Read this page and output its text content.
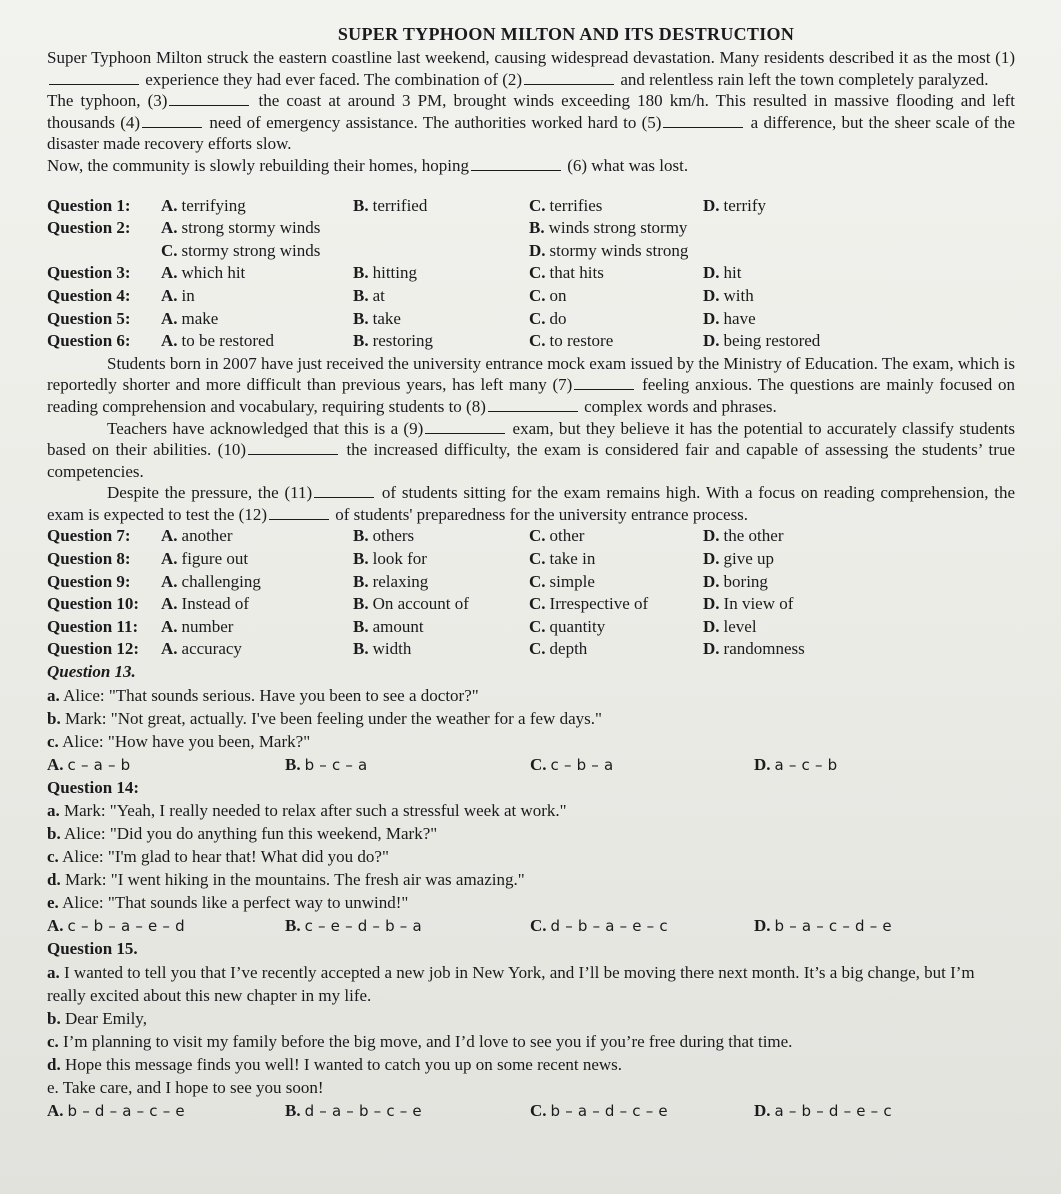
SUPER TYPHOON MILTON AND ITS DESTRUCTION

Super Typhoon Milton struck the eastern coastline last weekend, causing widespread devastation. Many residents described it as the most (1) experience they had ever faced. The combination of (2)	and relentless rain left the town completely paralyzed.

The typhoon, (3)	the coast at around 3 PM, brought winds exceeding 180 km/h. This resulted in massive flooding and left thousands (4)	need of emergency assistance. The authorities worked hard to (5)	a difference, but the sheer scale of the disaster made recovery efforts slow.

Now, the community is slowly rebuilding their homes, hoping	(6) what was lost.

Question 1:	A. terrifying	B. terrified	C. terrifies	D. terrify
Question 2:	A. strong stormy winds	B. winds strong stormy
C. stormy strong winds	D. stormy winds strong
Question 3:	A. which hit	B. hitting	C. that hits	D. hit
Question 4:	A. in	B. at	C. on	D. with
Question 5:	A. make	B. take	C. do	D. have
Question 6:	A. to be restored	B. restoring	C. to restore	D. being restored

Students born in 2007 have just received the university entrance mock exam issued by the Ministry of Education. The exam, which is reportedly shorter and more difficult than previous years, has left many (7)	feeling anxious. The questions are mainly focused on reading comprehension and vocabulary, requiring students to (8)	complex words and phrases.

Teachers have acknowledged that this is a (9)	exam, but they believe it has the potential to accurately classify students based on their abilities. (10)	the increased difficulty, the exam is considered fair and capable of assessing the students’ true competencies.

Despite the pressure, the (11)	of students sitting for the exam remains high. With a focus on reading comprehension, the exam is expected to test the (12)	of students' preparedness for the university entrance process.

Question 7:	A. another	B. others	C. other	D. the other
Question 8:	A. figure out	B. look for	C. take in	D. give up
Question 9:	A. challenging	B. relaxing	C. simple	D. boring
Question 10:	A. Instead of	B. On account of	C. Irrespective of	D. In view of
Question 11:	A. number	B. amount	C. quantity	D. level
Question 12:	A. accuracy	B. width	C. depth	D. randomness
Question 13.
a. Alice: "That sounds serious. Have you been to see a doctor?"
b. Mark: "Not great, actually. I've been feeling under the weather for a few days."
c. Alice: "How have you been, Mark?"
A. c – a – b	B. b – c – a	C. c – b – a	D. a – c – b
Question 14:
a. Mark: "Yeah, I really needed to relax after such a stressful week at work."
b. Alice: "Did you do anything fun this weekend, Mark?"
c. Alice: "I'm glad to hear that! What did you do?"
d. Mark: "I went hiking in the mountains. The fresh air was amazing."
e. Alice: "That sounds like a perfect way to unwind!"
A. c – b – a – e – d	B. c – e – d – b – a	C. d – b – a – e – c	D. b – a – c – d – e
Question 15.
a. I wanted to tell you that I’ve recently accepted a new job in New York, and I’ll be moving there next month. It’s a big change, but I’m really excited about this new chapter in my life.
b. Dear Emily,
c. I’m planning to visit my family before the big move, and I’d love to see you if you’re free during that time.
d. Hope this message finds you well! I wanted to catch you up on some recent news.
e. Take care, and I hope to see you soon!
A. b – d – a – c – e	B. d – a – b – c – e	C. b – a – d – c – e	D. a – b – d – e – c
